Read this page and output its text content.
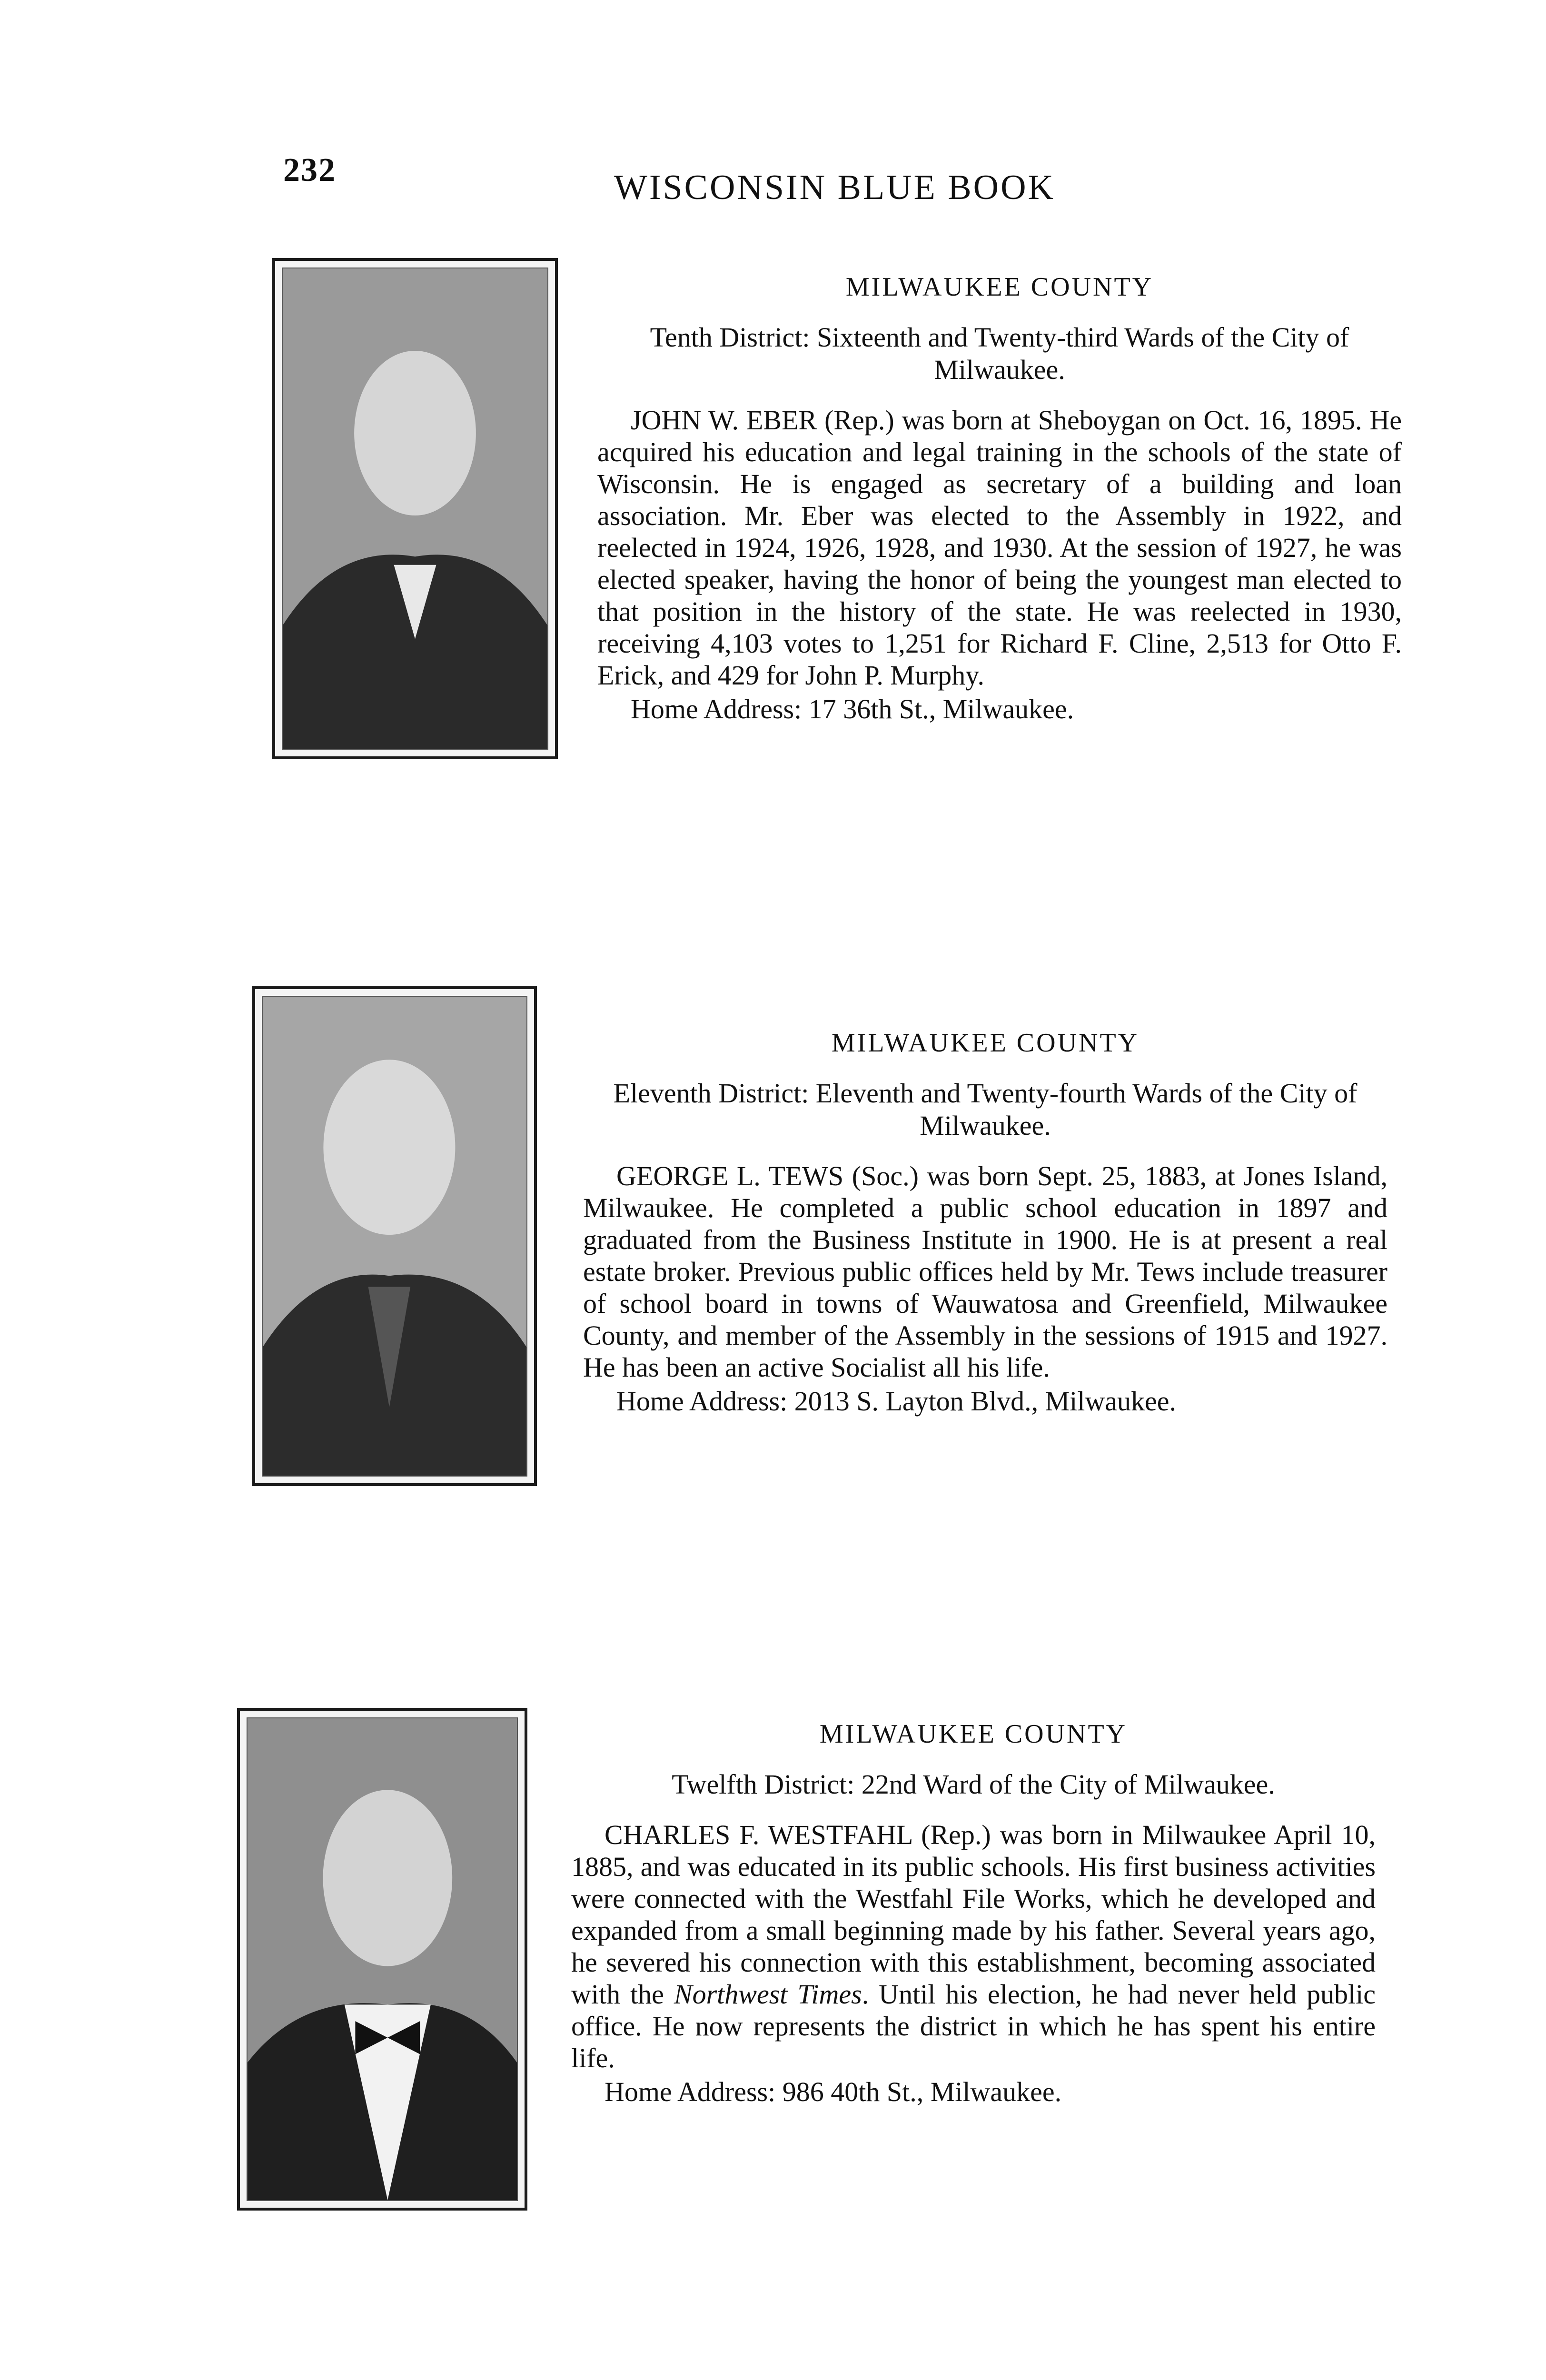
232	WISCONSIN BLUE BOOK
MILWAUKEE COUNTY
Tenth District: Sixteenth and Twenty-third Wards of the City of Milwaukee.
JOHN W. EBER (Rep.) was born at Sheboygan on Oct. 16, 1895. He acquired his education and legal training in the schools of the state of Wisconsin. He is engaged as secretary of a building and loan association. Mr. Eber was elected to the Assembly in 1922, and reelected in 1924, 1926, 1928, and 1930. At the session of 1927, he was elected speaker, having the honor of being the youngest man elected to that position in the history of the state. He was reelected in 1930, receiving 4,103 votes to 1,251 for Richard F. Cline, 2,513 for Otto F. Erick, and 429 for John P. Murphy.
Home Address: 17 36th St., Milwaukee.
MILWAUKEE COUNTY
Eleventh District: Eleventh and Twenty-fourth Wards of the City of Milwaukee.
GEORGE L. TEWS (Soc.) was born Sept. 25, 1883, at Jones Island, Milwaukee. He completed a public school education in 1897 and graduated from the Business Institute in 1900. He is at present a real estate broker. Previous public offices held by Mr. Tews include treasurer of school board in towns of Wauwatosa and Greenfield, Milwaukee County, and member of the Assembly in the sessions of 1915 and 1927. He has been an active Socialist all his life.
Home Address: 2013 S. Layton Blvd., Milwaukee.
MILWAUKEE COUNTY
Twelfth District: 22nd Ward of the City of Milwaukee.
CHARLES F. WESTFAHL (Rep.) was born in Milwaukee April 10, 1885, and was educated in its public schools. His first business activities were connected with the Westfahl File Works, which he developed and expanded from a small beginning made by his father. Several years ago, he severed his connection with this establishment, becoming associated with the Northwest Times. Until his election, he had never held public office. He now represents the district in which he has spent his entire life.
Home Address: 986 40th St., Milwaukee.
